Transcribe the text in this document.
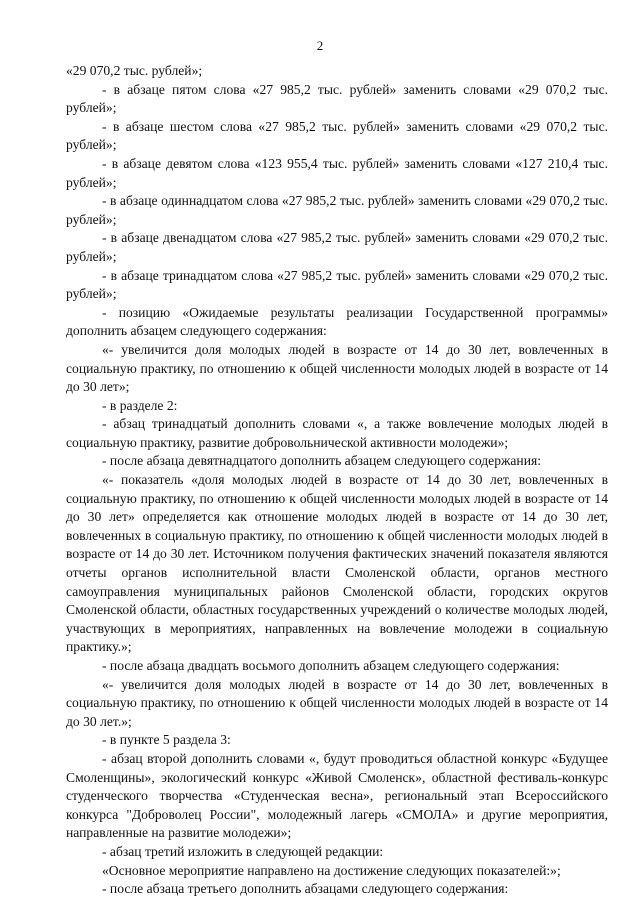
2

«29 070,2 тыс. рублей»;

- в абзаце пятом слова «27 985,2 тыс. рублей» заменить словами «29 070,2 тыс. рублей»;

- в абзаце шестом слова «27 985,2 тыс. рублей» заменить словами «29 070,2 тыс. рублей»;

- в абзаце девятом слова «123 955,4 тыс. рублей» заменить словами «127 210,4 тыс. рублей»;

- в абзаце одиннадцатом слова «27 985,2 тыс. рублей» заменить словами «29 070,2 тыс. рублей»;

- в абзаце двенадцатом слова «27 985,2 тыс. рублей» заменить словами «29 070,2 тыс. рублей»;

- в абзаце тринадцатом слова «27 985,2 тыс. рублей» заменить словами «29 070,2 тыс. рублей»;

- позицию «Ожидаемые результаты реализации Государственной программы» дополнить абзацем следующего содержания:

«- увеличится доля молодых людей в возрасте от 14 до 30 лет, вовлеченных в социальную практику, по отношению к общей численности молодых людей в возрасте от 14 до 30 лет»;

- в разделе 2:

- абзац тринадцатый дополнить словами «, а также вовлечение молодых людей в социальную практику, развитие добровольнической активности молодежи»;

- после абзаца девятнадцатого дополнить абзацем следующего содержания:

«- показатель «доля молодых людей в возрасте от 14 до 30 лет, вовлеченных в социальную практику, по отношению к общей численности молодых людей в возрасте от 14 до 30 лет» определяется как отношение молодых людей в возрасте от 14 до 30 лет, вовлеченных в социальную практику, по отношению к общей численности молодых людей в возрасте от 14 до 30 лет. Источником получения фактических значений показателя являются отчеты органов исполнительной власти Смоленской области, органов местного самоуправления муниципальных районов Смоленской области, городских округов Смоленской области, областных государственных учреждений о количестве молодых людей, участвующих в мероприятиях, направленных на вовлечение молодежи в социальную практику.»;

- после абзаца двадцать восьмого дополнить абзацем следующего содержания:

«- увеличится доля молодых людей в возрасте от 14 до 30 лет, вовлеченных в социальную практику, по отношению к общей численности молодых людей в возрасте от 14 до 30 лет.»;

- в пункте 5 раздела 3:

- абзац второй дополнить словами «, будут проводиться областной конкурс «Будущее Смоленщины», экологический конкурс «Живой Смоленск», областной фестиваль-конкурс студенческого творчества «Студенческая весна», региональный этап Всероссийского конкурса "Доброволец России", молодежный лагерь «СМОЛА» и другие мероприятия, направленные на развитие молодежи»;

- абзац третий изложить в следующей редакции:

«Основное мероприятие направлено на достижение следующих показателей:»;

- после абзаца третьего дополнить абзацами следующего содержания:
